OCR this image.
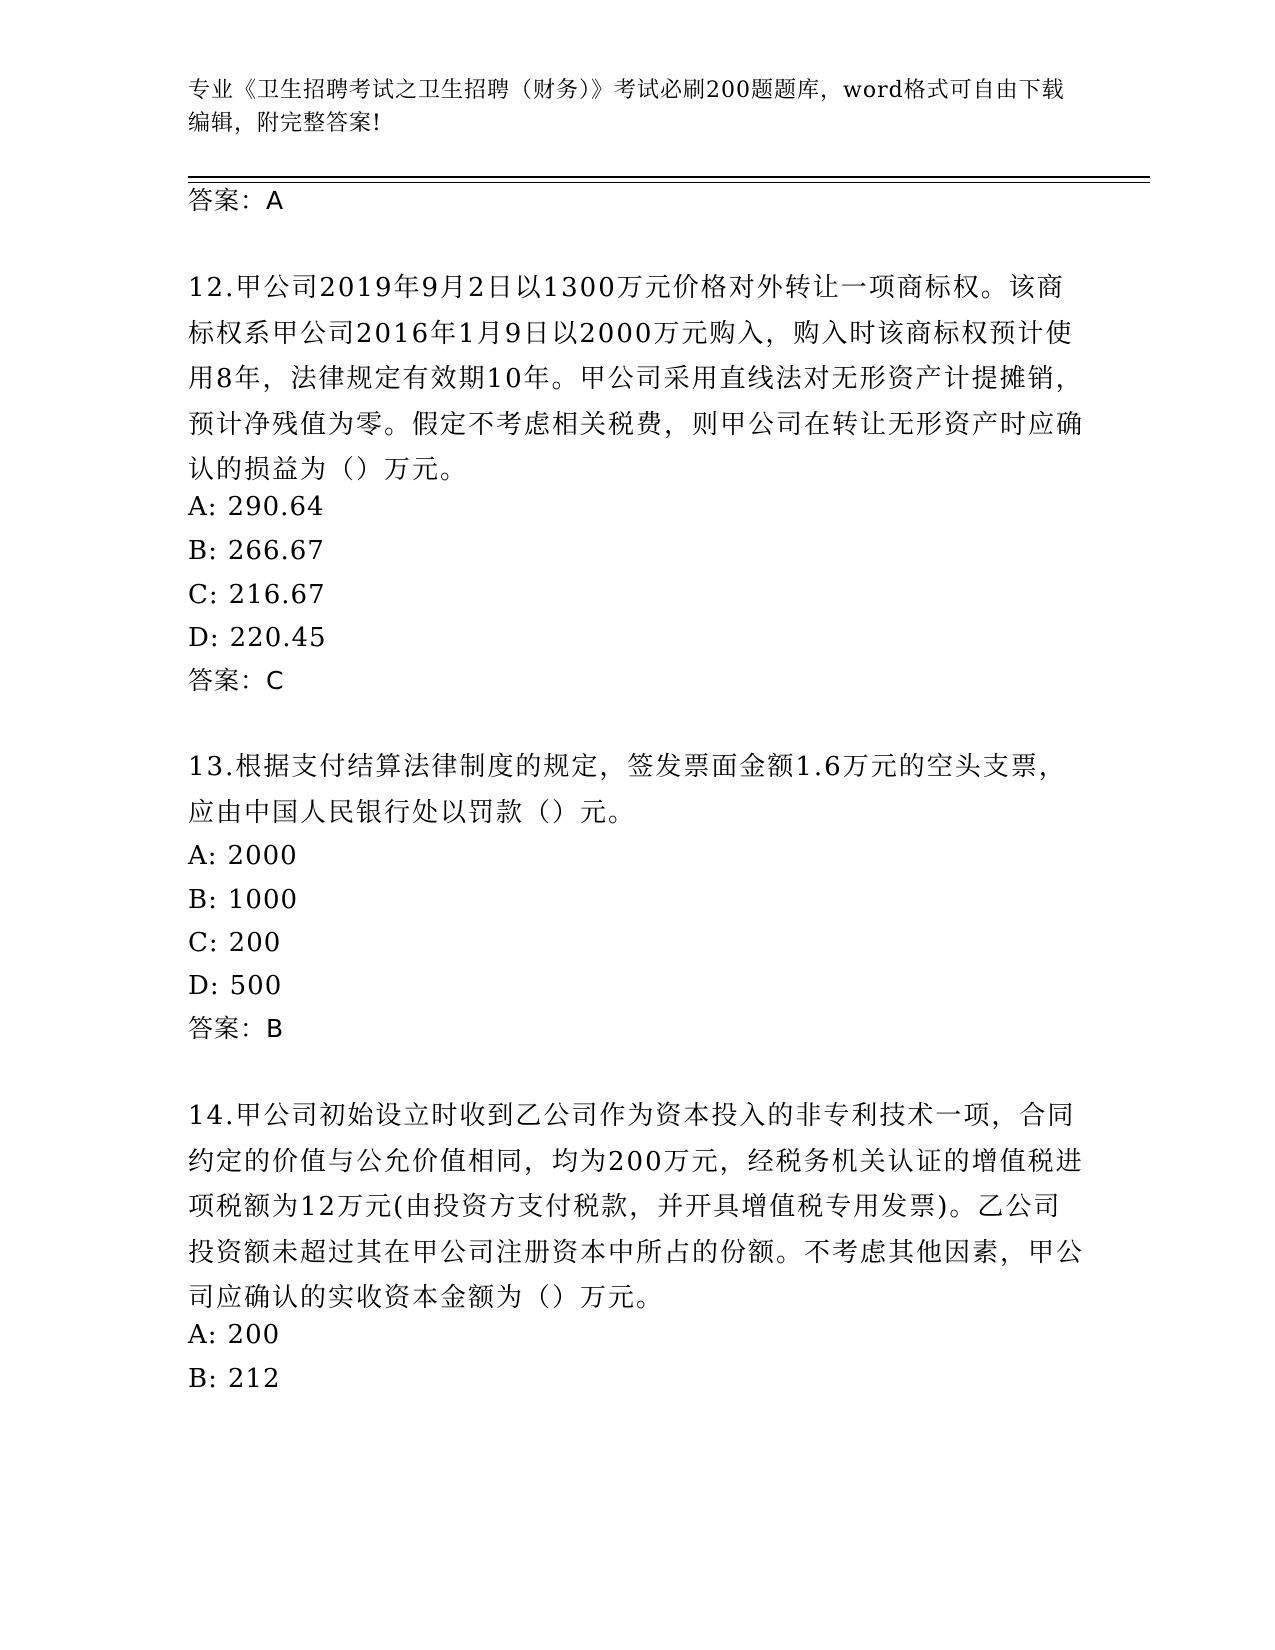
专业《卫生招聘考试之卫生招聘（财务）》考试必刷200题题库，word格式可自由下载编辑，附完整答案!
答案：A
12.甲公司2019年9月2日以1300万元价格对外转让一项商标权。该商标权系甲公司2016年1月9日以2000万元购入，购入时该商标权预计使用8年，法律规定有效期10年。甲公司采用直线法对无形资产计提摊销，预计净残值为零。假定不考虑相关税费，则甲公司在转让无形资产时应确认的损益为（）万元。
A: 290.64
B: 266.67
C: 216.67
D: 220.45
答案：C
13.根据支付结算法律制度的规定，签发票面金额1.6万元的空头支票，应由中国人民银行处以罚款（）元。
A: 2000
B: 1000
C: 200
D: 500
答案：B
14.甲公司初始设立时收到乙公司作为资本投入的非专利技术一项，合同约定的价值与公允价值相同，均为200万元，经税务机关认证的增值税进项税额为12万元(由投资方支付税款，并开具增值税专用发票)。乙公司投资额未超过其在甲公司注册资本中所占的份额。不考虑其他因素，甲公司应确认的实收资本金额为（）万元。
A: 200
B: 212
